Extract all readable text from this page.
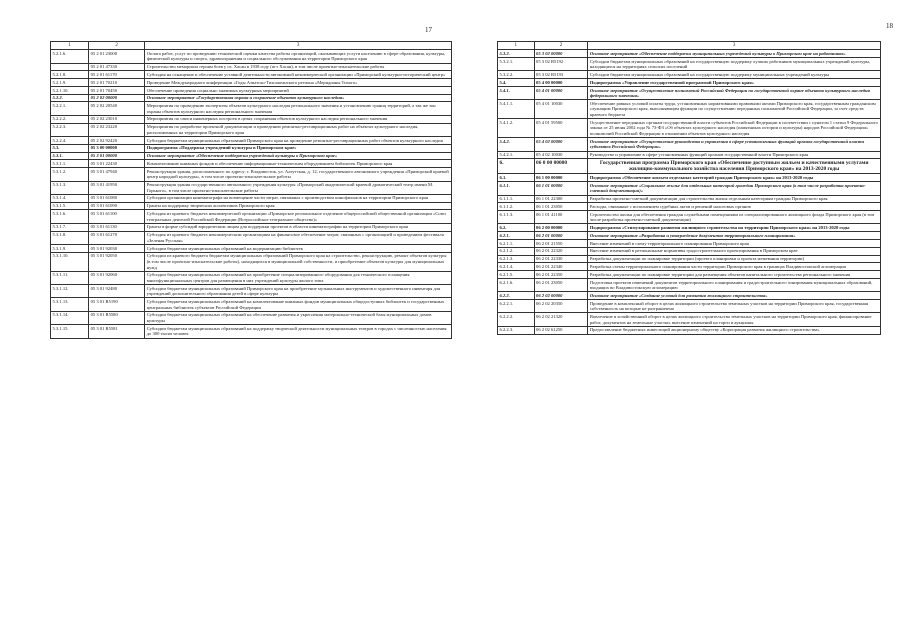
17	18
1	2	3
5.2.1.6.	05 2 01 23000	Оплата работ, услуг по проведению технической оценки качества работы организаций, оказывающих услуги населению в сфере образования, культуры, физической культуры и спорта, здравоохранения и социального обслуживания на территории Приморского края
	05 2 01 47330	Строительство мемориала героям боев у оз. Хасан в 1938 году (пгт Хасан), в том числе проектно-изыскательские работы
5.2.1.8.	05 2 01 61170	Субсидия на оснащение и обеспечение уставной деятельности автономной некоммерческой организации «Приморский культурно-исторический центр»
5.2.1.9.	05 2 01 70210	Проведение Международного конференции «Годы Азиатско-Тихоокеанского региона «Меридианы Тихого»
5.2.1.10.	05 2 01 70450	Обеспечение проведения социально значимых культурных мероприятий
5.2.2.	05 2 02 00000	Основное мероприятие «Государственная охрана и сохранение объектов культурного наследия»
5.2.2.1.	05 2 02 20540	Мероприятия по проведению экспертизы объектов культурного наследия регионального значения и установлению границ территорий, а так же зон охраны объектов культурного наследия регионального значения
5.2.2.2.	05 2 02 23010	Мероприятия по описи инженерных построек в целях сохранения объектов культурного наследия регионального значения
5.2.2.3.	05 2 02 23220	Мероприятия по разработке проектной документации и проведению ремонтно-реставрационных работ на объектах культурного наследия, расположенных на территории Приморского края
5.2.2.4.	05 2 02 92420	Субсидии бюджетам муниципальных образований Приморского края на проведение ремонтно-реставрационных работ объектов культурного наследия
5.3.	05 3 00 00000	Подпрограмма «Поддержка учреждений культуры в Приморском крае»
5.3.1.	05 3 01 00000	Основное мероприятие «Обеспечение поддержки учреждений культуры в Приморском крае»
5.3.1.1.	05 3 01 22430	Комплектование книжных фондов и обеспечение информационно-техническим оборудованием библиотек Приморского края
5.3.1.2.	05 3 01 47940	Реконструкция здания, расположенного по адресу: г. Владивосток, ул. Алеутская, д. 12, государственного автономного учреждения «Приморский краевой центр народной культуры», в том числе проектно-изыскательские работы
5.3.1.3.	05 3 01 41950	Реконструкция здания государственного автономного учреждения культуры «Приморский академический краевой драматический театр имени М. Горького», в том числе проектно-изыскательские работы
5.3.1.4.	05 3 01 61080	Субсидии организации кинематографа на возмещение части затрат, связанных с производством кинофильмов на территории Приморского края
5.3.1.5.	05 3 01 61090	Гранты на поддержку творческих коллективов Приморского края
5.3.1.6.	05 3 01 61100	Субсидия из краевого бюджета некоммерческой организации «Приморское региональное отделение общероссийской общественной организации «Союз театральных деятелей Российской Федерации (Всероссийское театральное общество)»
5.3.1.7.	05 3 01 61130	Гранты в форме субсидий юридическим лицам для поддержки проектов в области кинематографии на территории Приморского края
5.3.1.8.	05 3 01 61270	Субсидия из краевого бюджета некоммерческим организациям на финансовое обеспечение затрат, связанных с организацией и проведением фестиваля «Зеленая Русская»
5.3.1.9.	05 3 01 92030	Субсидии бюджетам муниципальных образований на модернизацию библиотек
5.3.1.10.	05 3 01 92050	Субсидии из краевого бюджета бюджетам муниципальных образований Приморского края на строительство, реконструкцию, ремонт объектов культуры (в том числе проектно-изыскательские работы), находящихся в муниципальной собственности, и приобретение объектов культуры для муниципальных нужд
5.3.1.11.	05 3 01 92060	Субсидии бюджетам муниципальных образований на приобретение специализированного оборудования для технического оснащения многофункциональных центров для размещения в них учреждений культуры жилого типа
5.3.1.12.	05 3 01 92480	Субсидии бюджетам муниципальных образований Приморского края на приобретение музыкальных инструментов и художественного инвентаря для учреждений дополнительного образования детей в сфере культуры
5.3.1.13.	05 3 01 R5190	Субсидии бюджетам муниципальных образований на комплектование книжных фондов муниципальных общедоступных библиотек и государственных центральных библиотек субъектов Российской Федерации
5.3.1.14.	05 3 01 R5580	Субсидии бюджетам муниципальных образований на обеспечение развития и укрепления материально-технической базы муниципальных домов культуры
5.3.1.15.	05 3 01 R5581	Субсидии бюджетам муниципальных образований на поддержку творческой деятельности муниципальных театров в городах с численностью населения до 300 тысяч человек
1	2	3
5.3.2.	05 3 02 00000	Основное мероприятие «Обеспечение поддержки муниципальных учреждений культуры в Приморском крае на работников»
5.3.2.1.	05 3 02 R5192	Субсидии бюджетам муниципальных образований на государственную поддержку лучших работников муниципальных учреждений культуры, находящихся на территориях сельских поселений
5.3.2.2.	05 3 02 R5193	Субсидии бюджетам муниципальных образований на государственную поддержку муниципальных учреждений культуры
5.4.	05 4 00 00000	Подпрограмма «Управление государственной программой Приморского края»
5.4.1.	05 4 01 00000	Основное мероприятие «Осуществление полномочий Российской Федерации по государственной охране объектов культурного наследия федерального значения»
5.4.1.1.	05 4 01 10030	Обеспечение равных условий оплаты труда, установленных нормативными правовыми актами Приморского края, государственным гражданским служащим Приморского края, выполняющим функции по осуществлению переданных полномочий Российской Федерации, за счет средств краевого бюджета
5.4.1.2.	05 4 01 59500	Осуществление переданных органам государственной власти субъектов Российской Федерации в соответствии с пунктом 1 статьи 9 Федерального закона от 25 июня 2002 года № 73-ФЗ «Об объектах культурного наследия (памятниках истории и культуры) народов Российской Федерации» полномочий Российской Федерации в отношении объектов культурного наследия
5.4.2.	05 4 02 00000	Основное мероприятие «Осуществление руководства и управления в сфере установленных функций органов государственной власти субъектов Российской Федерации»
5.4.2.1.	05 4 02 10030	Руководство и управление в сфере установленных функций органов государственной власти Приморского края
6.	06 0 00 00000	Государственная программа Приморского края «Обеспечение доступным жильем и качественными услугами жилищно-коммунального хозяйства населения Приморского края» на 2013-2020 годы
6.1.	06 1 00 00000	Подпрограмма «Обеспечение жильем отдельных категорий граждан Приморского края» на 2013-2020 годы
6.1.1.	06 1 01 00000	Основное мероприятие «Социальное жилье для отдельных категорий граждан Приморского края (в том числе разработка проектно-сметной документации)»
6.1.1.1.	06 1 01 22300	Разработка проектно-сметной документации для строительства жилья отдельным категориям граждан Приморского края
6.1.1.2.	06 1 01 23050	Расходы, связанные с исполнением судебных актов и решений налоговых органов
6.1.1.3.	06 1 01 41100	Строительство жилья для обеспечения граждан служебными помещениями из специализированного жилищного фонда Приморского края (в том числе разработка проектно-сметной документации)
6.2.	06 2 00 00000	Подпрограмма «Стимулирование развития жилищного строительства на территории Приморского края» на 2013-2020 годы
6.2.1.	06 2 01 00000	Основное мероприятие «Разработка и утверждение документов территориального планирования»
6.2.1.1.	06 2 01 21550	Внесение изменений в схему территориального планирования Приморского края
6.2.1.2.	06 2 01 22320	Внесение изменений в региональные нормативы градостроительного проектирования в Приморском крае
6.2.1.3.	06 2 01 22330	Разработка документации по планировке территории (проекта планировки и проекта межевания территории)
6.2.1.4.	06 2 01 22340	Разработка схемы территориального планирования части территории Приморского края в границах Владивостокской агломерации
6.2.1.5.	06 2 01 22350	Разработка документации по планировке территории для размещения объектов капитального строительства регионального значения
6.2.1.6.	06 2 01 23050	Подготовка проектов изменений документов территориального планирования и градостроительного зонирования муниципальных образований, входящих во Владивостокскую агломерацию
6.2.2.	06 2 02 00000	Основное мероприятие «Создание условий для развития жилищного строительства»
6.2.2.1.	06 2 02 20350	Проведение в комплексный оборот в целях жилищного строительства земельных участков на территории Приморского края, государственная собственность на которые не разграничена
6.2.2.2.	06 2 02 21320	Вовлечение в хозяйственный оборот в целях жилищного строительства земельных участков на территории Приморского края, финансирование работ, документов на земельные участки, внесение изменений на торги и аукционы
6.2.2.3.	06 2 02 61250	Предоставление бюджетных инвестиций акционерному обществу «Корпорация развития жилищного строительства»
